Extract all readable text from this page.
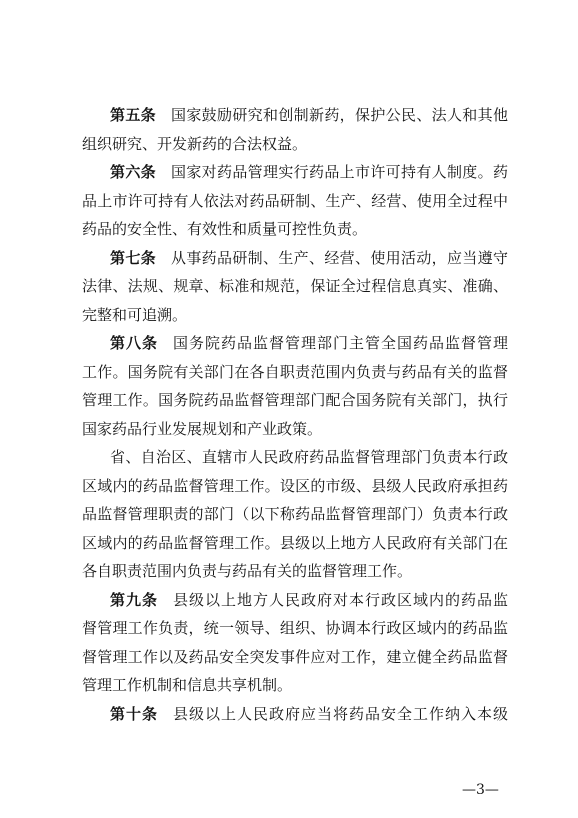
第五条 国家鼓励研究和创制新药，保护公民、法人和其他
组织研究、开发新药的合法权益。
第六条 国家对药品管理实行药品上市许可持有人制度。药
品上市许可持有人依法对药品研制、生产、经营、使用全过程中
药品的安全性、有效性和质量可控性负责。
第七条 从事药品研制、生产、经营、使用活动，应当遵守
法律、法规、规章、标准和规范，保证全过程信息真实、准确、
完整和可追溯。
第八条 国务院药品监督管理部门主管全国药品监督管理
工作。国务院有关部门在各自职责范围内负责与药品有关的监督
管理工作。国务院药品监督管理部门配合国务院有关部门，执行
国家药品行业发展规划和产业政策。
省、自治区、直辖市人民政府药品监督管理部门负责本行政
区域内的药品监督管理工作。设区的市级、县级人民政府承担药
品监督管理职责的部门（以下称药品监督管理部门）负责本行政
区域内的药品监督管理工作。县级以上地方人民政府有关部门在
各自职责范围内负责与药品有关的监督管理工作。
第九条 县级以上地方人民政府对本行政区域内的药品监
督管理工作负责，统一领导、组织、协调本行政区域内的药品监
督管理工作以及药品安全突发事件应对工作，建立健全药品监督
管理工作机制和信息共享机制。
第十条 县级以上人民政府应当将药品安全工作纳入本级
—3—
